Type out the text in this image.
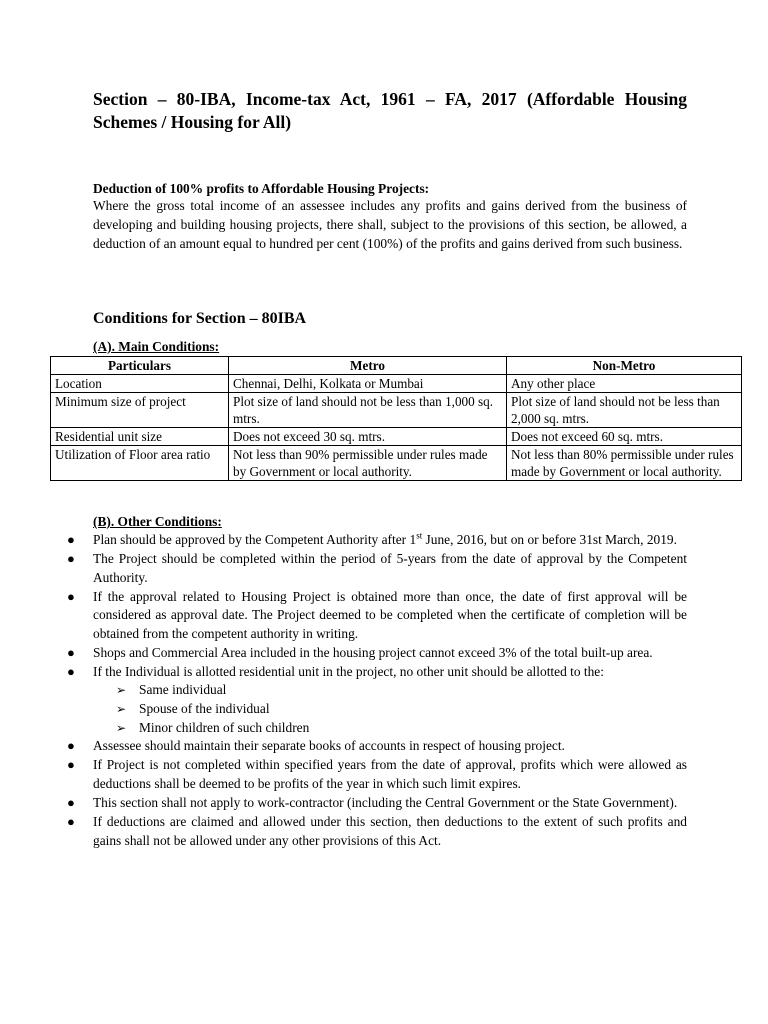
Section – 80-IBA, Income-tax Act, 1961 – FA, 2017 (Affordable Housing Schemes / Housing for All)
Deduction of 100% profits to Affordable Housing Projects:
Where the gross total income of an assessee includes any profits and gains derived from the business of developing and building housing projects, there shall, subject to the provisions of this section, be allowed, a deduction of an amount equal to hundred per cent (100%) of the profits and gains derived from such business.
Conditions for Section – 80IBA
(A). Main Conditions:
Particulars	Metro	Non-Metro
Location	Chennai, Delhi, Kolkata or Mumbai	Any other place
Minimum size of project	Plot size of land should not be less than 1,000 sq. mtrs.	Plot size of land should not be less than 2,000 sq. mtrs.
Residential unit size	Does not exceed 30 sq. mtrs.	Does not exceed 60 sq. mtrs.
Utilization of Floor area ratio	Not less than 90% permissible under rules made by Government or local authority.	Not less than 80% permissible under rules made by Government or local authority.
(B). Other Conditions:
● Plan should be approved by the Competent Authority after 1st June, 2016, but on or before 31st March, 2019.
● The Project should be completed within the period of 5-years from the date of approval by the Competent Authority.
● If the approval related to Housing Project is obtained more than once, the date of first approval will be considered as approval date. The Project deemed to be completed when the certificate of completion will be obtained from the competent authority in writing.
● Shops and Commercial Area included in the housing project cannot exceed 3% of the total built-up area.
● If the Individual is allotted residential unit in the project, no other unit should be allotted to the:
➢ Same individual
➢ Spouse of the individual
➢ Minor children of such children
● Assessee should maintain their separate books of accounts in respect of housing project.
● If Project is not completed within specified years from the date of approval, profits which were allowed as deductions shall be deemed to be profits of the year in which such limit expires.
● This section shall not apply to work-contractor (including the Central Government or the State Government).
● If deductions are claimed and allowed under this section, then deductions to the extent of such profits and gains shall not be allowed under any other provisions of this Act.
